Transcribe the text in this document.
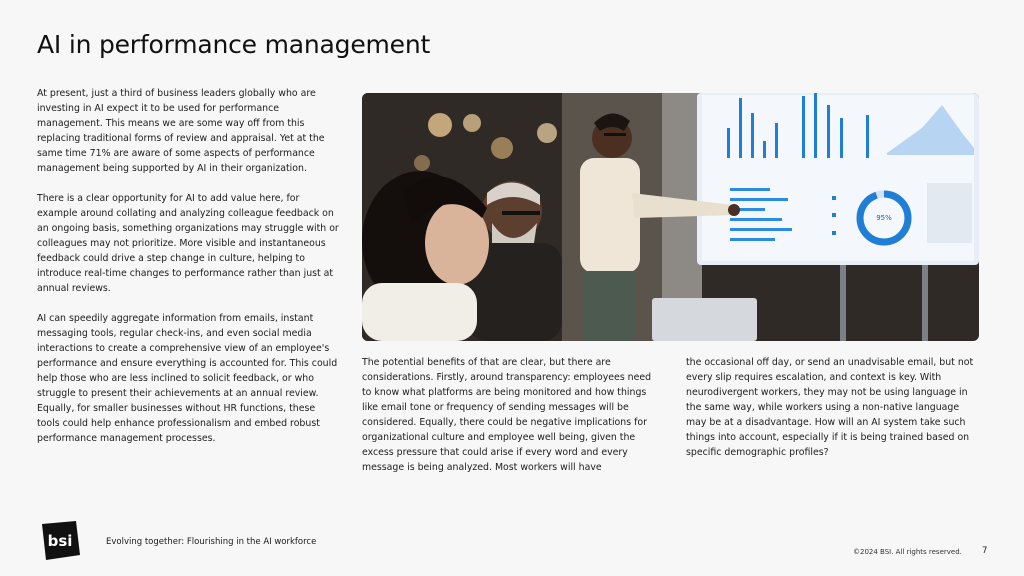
AI in performance management

At present, just a third of business leaders globally who are investing in AI expect it to be used for performance management. This means we are some way off from this replacing traditional forms of review and appraisal. Yet at the same time 71% are aware of some aspects of performance management being supported by AI in their organization.

There is a clear opportunity for AI to add value here, for example around collating and analyzing colleague feedback on an ongoing basis, something organizations may struggle with or colleagues may not prioritize. More visible and instantaneous feedback could drive a step change in culture, helping to introduce real-time changes to performance rather than just at annual reviews.

AI can speedily aggregate information from emails, instant messaging tools, regular check-ins, and even social media interactions to create a comprehensive view of an employee's performance and ensure everything is accounted for. This could help those who are less inclined to solicit feedback, or who struggle to present their achievements at an annual review. Equally, for smaller businesses without HR functions, these tools could help enhance professionalism and embed robust performance management processes.

95%

The potential benefits of that are clear, but there are considerations. Firstly, around transparency: employees need to know what platforms are being monitored and how things like email tone or frequency of sending messages will be considered. Equally, there could be negative implications for organizational culture and employee well being, given the excess pressure that could arise if every word and every message is being analyzed. Most workers will have

the occasional off day, or send an unadvisable email, but not every slip requires escalation, and context is key. With neurodivergent workers, they may not be using language in the same way, while workers using a non-native language may be at a disadvantage. How will an AI system take such things into account, especially if it is being trained based on specific demographic profiles?

bsi	Evolving together: Flourishing in the AI workforce
©2024 BSI. All rights reserved. 7
